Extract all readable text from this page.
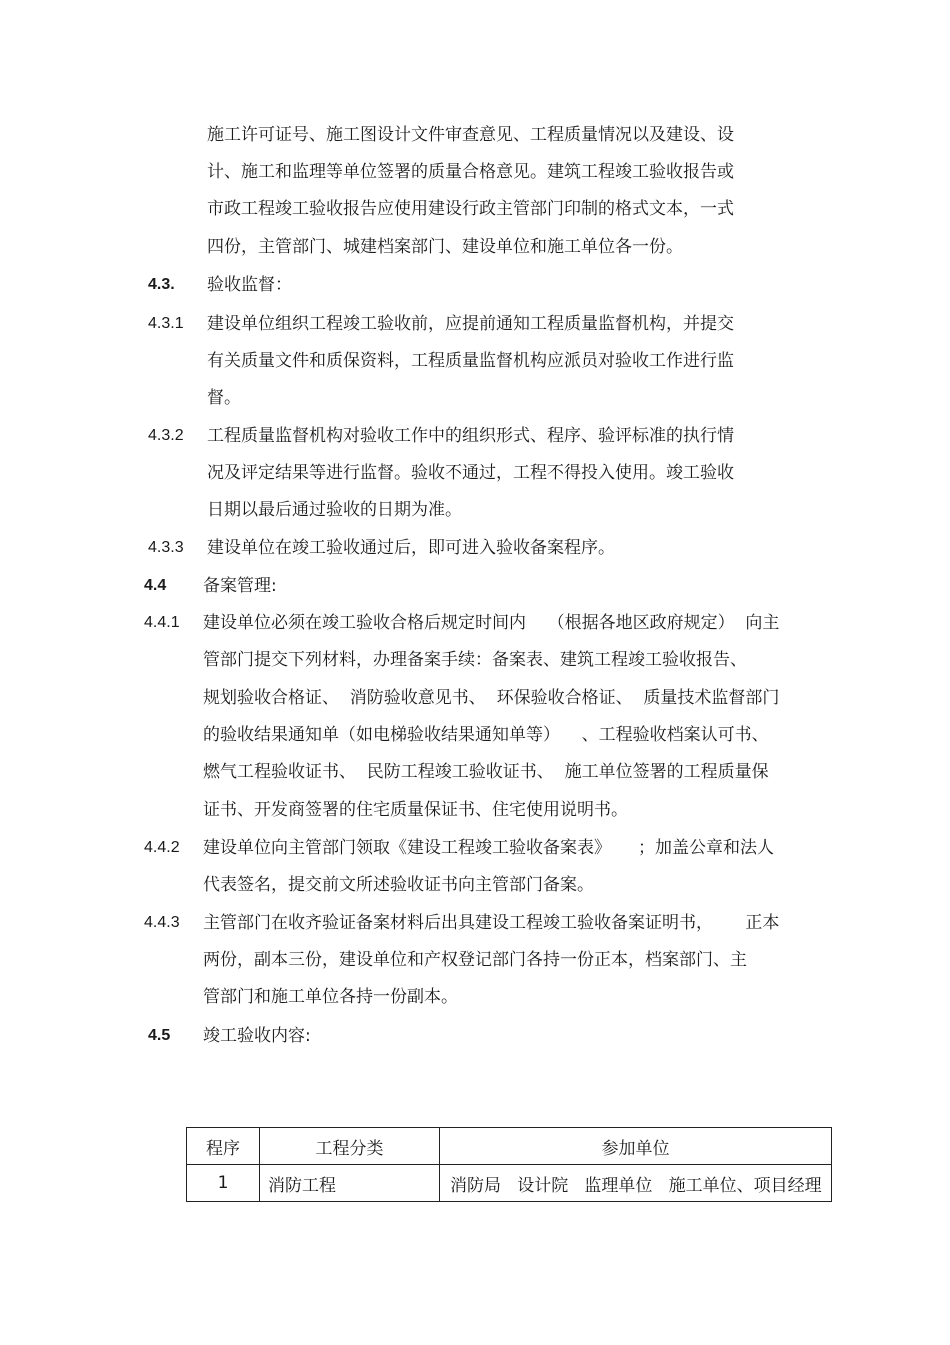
施工许可证号、施工图设计文件审查意见、工程质量情况以及建设、设
计、施工和监理等单位签署的质量合格意见。建筑工程竣工验收报告或
市政工程竣工验收报告应使用建设行政主管部门印制的格式文本，一式
四份，主管部门、城建档案部门、建设单位和施工单位各一份。
4.3. 验收监督：
4.3.1 建设单位组织工程竣工验收前，应提前通知工程质量监督机构，并提交
有关质量文件和质保资料，工程质量监督机构应派员对验收工作进行监
督。
4.3.2 工程质量监督机构对验收工作中的组织形式、程序、验评标准的执行情
况及评定结果等进行监督。验收不通过，工程不得投入使用。竣工验收
日期以最后通过验收的日期为准。
4.3.3 建设单位在竣工验收通过后，即可进入验收备案程序。
4.4 备案管理:
4.4.1 建设单位必须在竣工验收合格后规定时间内    （根据各地区政府规定）  向主
管部门提交下列材料，办理备案手续：备案表、建筑工程竣工验收报告、
规划验收合格证、  消防验收意见书、  环保验收合格证、  质量技术监督部门
的验收结果通知单（如电梯验收结果通知单等）    、工程验收档案认可书、
燃气工程验收证书、  民防工程竣工验收证书、  施工单位签署的工程质量保
证书、开发商签署的住宅质量保证书、住宅使用说明书。
4.4.2 建设单位向主管部门领取《建设工程竣工验收备案表》     ；加盖公章和法人
代表签名，提交前文所述验收证书向主管部门备案。
4.4.3 主管部门在收齐验证备案材料后出具建设工程竣工验收备案证明书，      正本
两份，副本三份，建设单位和产权登记部门各持一份正本，档案部门、主
管部门和施工单位各持一份副本。
4.5 竣工验收内容:
程序	工程分类	参加单位
1	消防工程	消防局   设计院   监理单位   施工单位、项目经理
